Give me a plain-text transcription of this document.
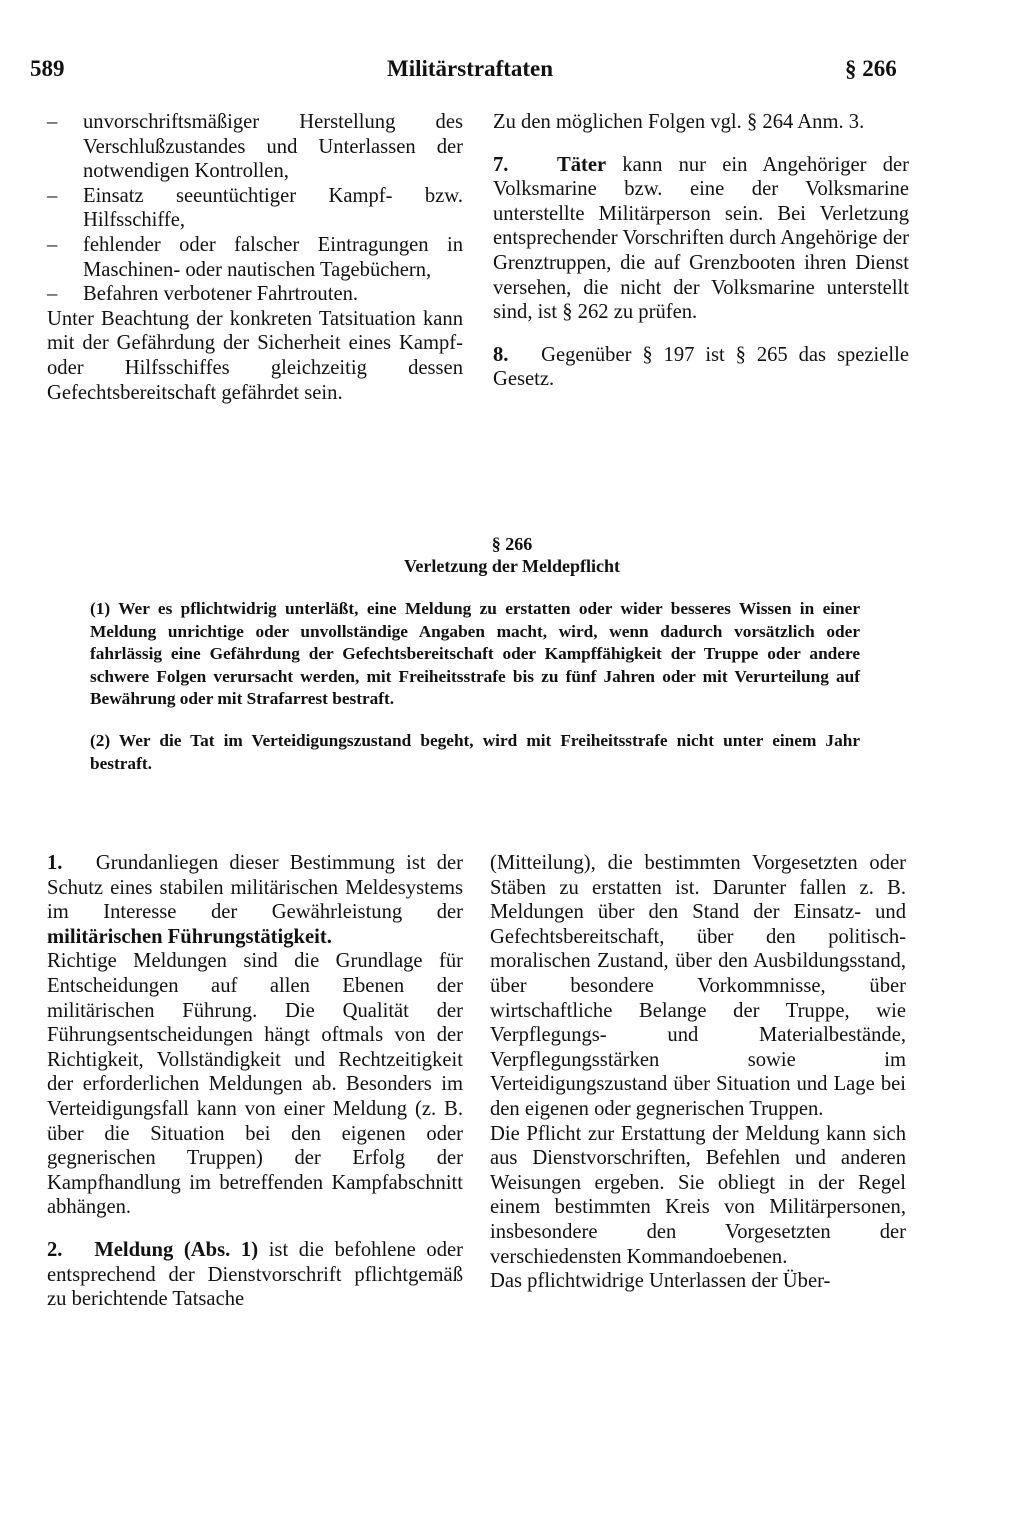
589	Militärstraftaten	§ 266
– unvorschriftsmäßiger Herstellung des Verschlußzustandes und Unterlassen der notwendigen Kontrollen,
– Einsatz seeuntüchtiger Kampf- bzw. Hilfsschiffe,
– fehlender oder falscher Eintragungen in Maschinen- oder nautischen Tagebüchern,
– Befahren verbotener Fahrtrouten.

Unter Beachtung der konkreten Tatsituation kann mit der Gefährdung der Sicherheit eines Kampf- oder Hilfsschiffes gleichzeitig dessen Gefechtsbereitschaft gefährdet sein.

Zu den möglichen Folgen vgl. § 264 Anm. 3.

7. Täter kann nur ein Angehöriger der Volksmarine bzw. eine der Volksmarine unterstellte Militärperson sein. Bei Verletzung entsprechender Vorschriften durch Angehörige der Grenztruppen, die auf Grenzbooten ihren Dienst versehen, die nicht der Volksmarine unterstellt sind, ist § 262 zu prüfen.

8. Gegenüber § 197 ist § 265 das spezielle Gesetz.

§ 266
Verletzung der Meldepflicht

(1) Wer es pflichtwidrig unterläßt, eine Meldung zu erstatten oder wider besseres Wissen in einer Meldung unrichtige oder unvollständige Angaben macht, wird, wenn dadurch vorsätzlich oder fahrlässig eine Gefährdung der Gefechtsbereitschaft oder Kampffähigkeit der Truppe oder andere schwere Folgen verursacht werden, mit Freiheitsstrafe bis zu fünf Jahren oder mit Verurteilung auf Bewährung oder mit Strafarrest bestraft.

(2) Wer die Tat im Verteidigungszustand begeht, wird mit Freiheitsstrafe nicht unter einem Jahr bestraft.

1. Grundanliegen dieser Bestimmung ist der Schutz eines stabilen militärischen Meldesystems im Interesse der Gewährleistung der militärischen Führungstätigkeit.

Richtige Meldungen sind die Grundlage für Entscheidungen auf allen Ebenen der militärischen Führung. Die Qualität der Führungsentscheidungen hängt oftmals von der Richtigkeit, Vollständigkeit und Rechtzeitigkeit der erforderlichen Meldungen ab. Besonders im Verteidigungsfall kann von einer Meldung (z. B. über die Situation bei den eigenen oder gegnerischen Truppen) der Erfolg der Kampfhandlung im betreffenden Kampfabschnitt abhängen.

2. Meldung (Abs. 1) ist die befohlene oder entsprechend der Dienstvorschrift pflichtgemäß zu berichtende Tatsache

(Mitteilung), die bestimmten Vorgesetzten oder Stäben zu erstatten ist. Darunter fallen z. B. Meldungen über den Stand der Einsatz- und Gefechtsbereitschaft, über den politisch-moralischen Zustand, über den Ausbildungsstand, über besondere Vorkommnisse, über wirtschaftliche Belange der Truppe, wie Verpflegungs- und Materialbestände, Verpflegungsstärken sowie im Verteidigungszustand über Situation und Lage bei den eigenen oder gegnerischen Truppen.

Die Pflicht zur Erstattung der Meldung kann sich aus Dienstvorschriften, Befehlen und anderen Weisungen ergeben. Sie obliegt in der Regel einem bestimmten Kreis von Militärpersonen, insbesondere den Vorgesetzten der verschiedensten Kommandoebenen.

Das pflichtwidrige Unterlassen der Über-
